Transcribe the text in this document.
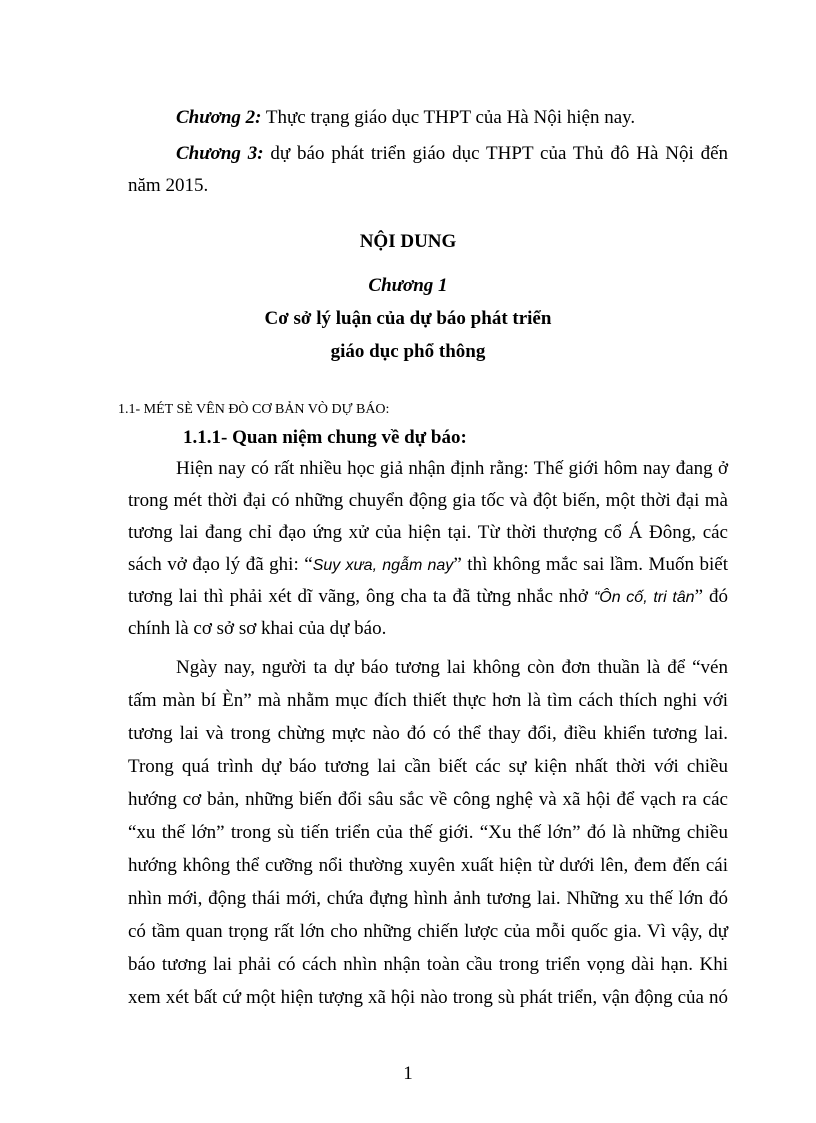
Chương 2: Thực trạng giáo dục THPT của Hà Nội hiện nay.
Chương 3: dự báo phát triển giáo dục THPT của Thủ đô Hà Nội đến
năm 2015.
NỘI DUNG
Chương 1
Cơ sở lý luận của dự báo phát triển
giáo dục phổ thông
1.1- MÉT SÈ VÊN ĐÒ CƠ BẢN VÒ DỰ BÁO:
1.1.1- Quan niệm chung về dự báo:
Hiện nay có rất nhiều học giả nhận định rằng: Thế giới hôm nay đang ở
trong mét thời đại có những chuyển động gia tốc và đột biến, một thời đại mà
tương lai đang chỉ đạo ứng xử của hiện tại. Từ thời thượng cổ Á Đông, các
sách vở đạo lý đã ghi: “Suy xưa, ngẫm nay” thì không mắc sai lầm. Muốn biết
tương lai thì phải xét dĩ vãng, ông cha ta đã từng nhắc nhở “Ôn cố, tri tân” đó
chính là cơ sở sơ khai của dự báo.
Ngày nay, người ta dự báo tương lai không còn đơn thuần là để “vén
tấm màn bí Èn” mà nhằm mục đích thiết thực hơn là tìm cách thích nghi với
tương lai và trong chừng mực nào đó có thể thay đổi, điều khiển tương lai.
Trong quá trình dự báo tương lai cần biết các sự kiện nhất thời với chiều
hướng cơ bản, những biến đổi sâu sắc về công nghệ và xã hội để vạch ra các
“xu thế lớn” trong sù tiến triển của thế giới. “Xu thế lớn” đó là những chiều
hướng không thể cưỡng nổi thường xuyên xuất hiện từ dưới lên, đem đến cái
nhìn mới, động thái mới, chứa đựng hình ảnh tương lai. Những xu thế lớn đó
có tầm quan trọng rất lớn cho những chiến lược của mỗi quốc gia. Vì vậy, dự
báo tương lai phải có cách nhìn nhận toàn cầu trong triển vọng dài hạn. Khi
xem xét bất cứ một hiện tượng xã hội nào trong sù phát triển, vận động của nó
1
